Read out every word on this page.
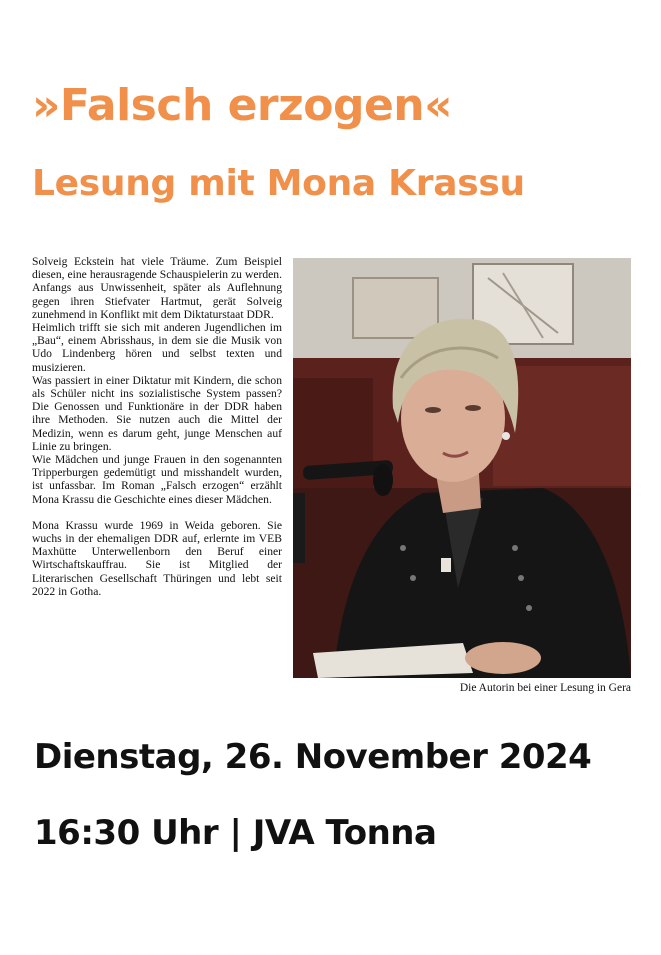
»Falsch erzogen«
Lesung mit Mona Krassu

Solveig Eckstein hat viele Träume. Zum Beispiel diesen, eine herausragende Schauspielerin zu werden. Anfangs aus Unwissenheit, später als Auflehnung gegen ihren Stiefvater Hartmut, gerät Solveig zunehmend in Konflikt mit dem Diktaturstaat DDR.

Heimlich trifft sie sich mit anderen Jugendlichen im „Bau“, einem Abrisshaus, in dem sie die Musik von Udo Lindenberg hören und selbst texten und musizieren.

Was passiert in einer Diktatur mit Kindern, die schon als Schüler nicht ins sozialistische System passen? Die Genossen und Funktionäre in der DDR haben ihre Methoden. Sie nutzen auch die Mittel der Medizin, wenn es darum geht, junge Menschen auf Linie zu bringen.

Wie Mädchen und junge Frauen in den sogenannten Tripperburgen gedemütigt und misshandelt wurden, ist unfassbar. Im Roman „Falsch erzogen“ erzählt Mona Krassu die Geschichte eines dieser Mädchen.

Mona Krassu wurde 1969 in Weida geboren. Sie wuchs in der ehemaligen DDR auf, erlernte im VEB Maxhütte Unterwellenborn den Beruf einer Wirtschaftskauffrau. Sie ist Mitglied der Literarischen Gesellschaft Thüringen und lebt seit 2022 in Gotha.

Die Autorin bei einer Lesung in Gera
Dienstag, 26. November 2024
16:30 Uhr | JVA Tonna
